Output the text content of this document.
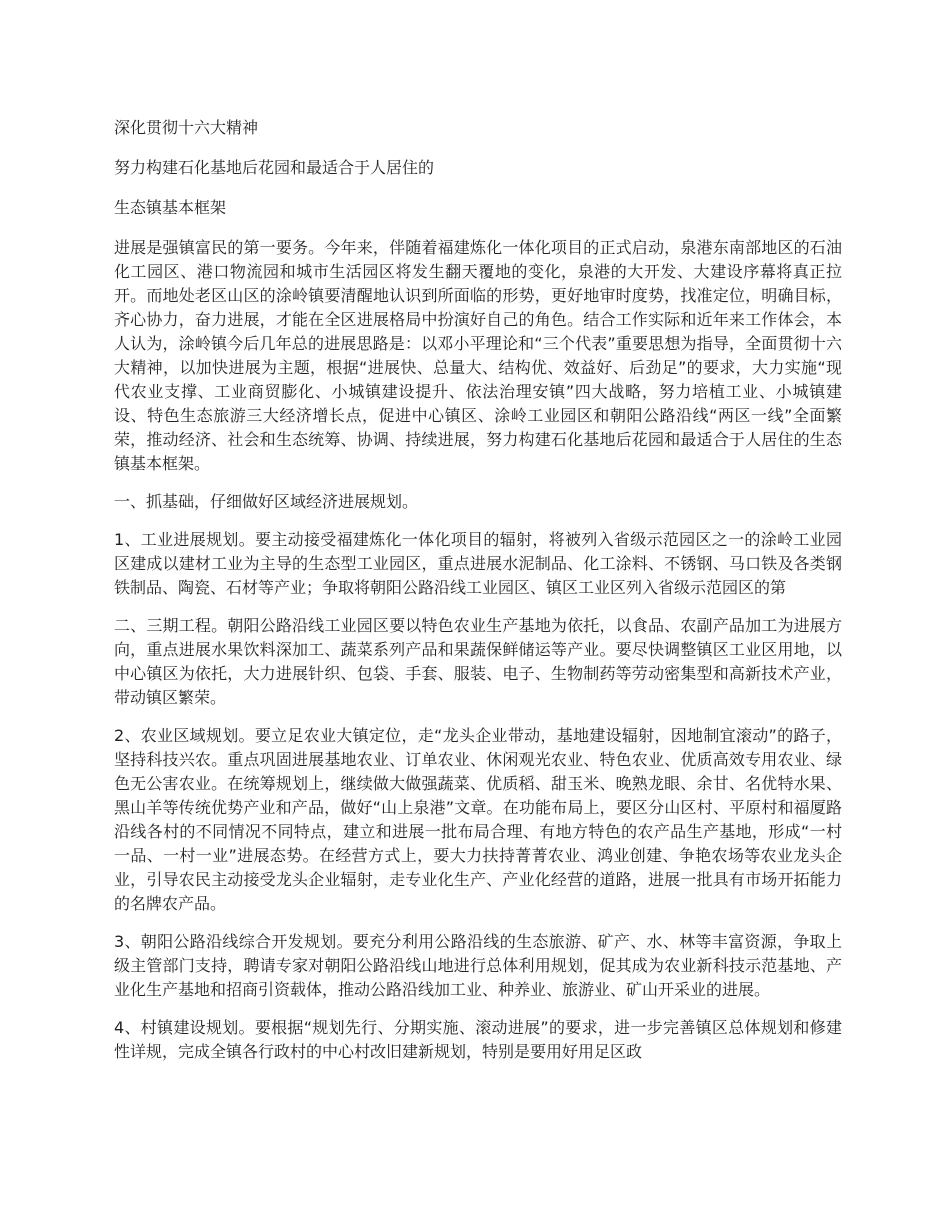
深化贯彻十六大精神
努力构建石化基地后花园和最适合于人居住的
生态镇基本框架

进展是强镇富民的第一要务。今年来，伴随着福建炼化一体化项目的正式启动，泉港东南部地区的石油化工园区、港口物流园和城市生活园区将发生翻天覆地的变化，泉港的大开发、大建设序幕将真正拉开。而地处老区山区的涂岭镇要清醒地认识到所面临的形势，更好地审时度势，找准定位，明确目标，齐心协力，奋力进展，才能在全区进展格局中扮演好自己的角色。结合工作实际和近年来工作体会，本人认为，涂岭镇今后几年总的进展思路是：以邓小平理论和“三个代表”重要思想为指导，全面贯彻十六大精神，以加快进展为主题，根据“进展快、总量大、结构优、效益好、后劲足”的要求，大力实施“现代农业支撑、工业商贸膨化、小城镇建设提升、依法治理安镇”四大战略，努力培植工业、小城镇建设、特色生态旅游三大经济增长点，促进中心镇区、涂岭工业园区和朝阳公路沿线“两区一线”全面繁荣，推动经济、社会和生态统筹、协调、持续进展，努力构建石化基地后花园和最适合于人居住的生态镇基本框架。

一、抓基础，仔细做好区域经济进展规划。

1、工业进展规划。要主动接受福建炼化一体化项目的辐射，将被列入省级示范园区之一的涂岭工业园区建成以建材工业为主导的生态型工业园区，重点进展水泥制品、化工涂料、不锈钢、马口铁及各类钢铁制品、陶瓷、石材等产业；争取将朝阳公路沿线工业园区、镇区工业区列入省级示范园区的第

二、三期工程。朝阳公路沿线工业园区要以特色农业生产基地为依托，以食品、农副产品加工为进展方向，重点进展水果饮料深加工、蔬菜系列产品和果蔬保鲜储运等产业。要尽快调整镇区工业区用地，以中心镇区为依托，大力进展针织、包袋、手套、服装、电子、生物制药等劳动密集型和高新技术产业，带动镇区繁荣。

2、农业区域规划。要立足农业大镇定位，走“龙头企业带动，基地建设辐射，因地制宜滚动”的路子，坚持科技兴农。重点巩固进展基地农业、订单农业、休闲观光农业、特色农业、优质高效专用农业、绿色无公害农业。在统筹规划上，继续做大做强蔬菜、优质稻、甜玉米、晚熟龙眼、余甘、名优特水果、黑山羊等传统优势产业和产品，做好“山上泉港”文章。在功能布局上，要区分山区村、平原村和福厦路沿线各村的不同情况不同特点，建立和进展一批布局合理、有地方特色的农产品生产基地，形成“一村一品、一村一业”进展态势。在经营方式上，要大力扶持菁菁农业、鸿业创建、争艳农场等农业龙头企业，引导农民主动接受龙头企业辐射，走专业化生产、产业化经营的道路，进展一批具有市场开拓能力的名牌农产品。

3、朝阳公路沿线综合开发规划。要充分利用公路沿线的生态旅游、矿产、水、林等丰富资源，争取上级主管部门支持，聘请专家对朝阳公路沿线山地进行总体利用规划，促其成为农业新科技示范基地、产业化生产基地和招商引资载体，推动公路沿线加工业、种养业、旅游业、矿山开采业的进展。

4、村镇建设规划。要根据“规划先行、分期实施、滚动进展”的要求，进一步完善镇区总体规划和修建性详规，完成全镇各行政村的中心村改旧建新规划，特别是要用好用足区政
